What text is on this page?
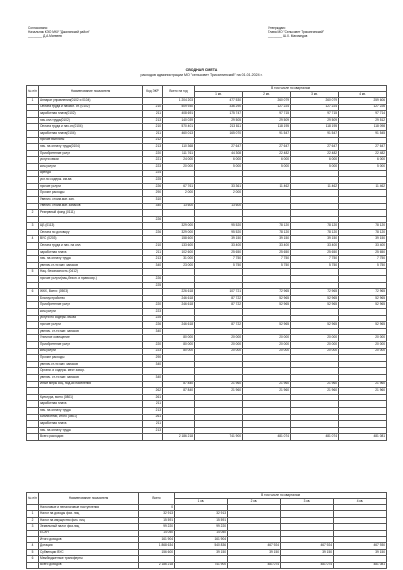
Согласовано:
Начальник КЭО МКУ "Джалинский район"
________ Д.А.Матвеев
Утверждаю:
Глава МО "Сельсовет Трисангинский"
________ Ш.Х. Магомедов
СВОДНАЯ СМЕТА
расходов администрации МО "сельсовет Трисангинский" на 01.01.2024 г.
№ п/п	Наименование показателя	Код ЭКР	Всего на год	В том числе по кварталам			
				1 кв.	2 кв.	3 кв.	4 кв.
1	Аппарат управления(0102 и 0104)		1 204 203	477 530	260 079	260 079	259 606
	Оплата труда и начисл. от. (0102)	210	509 930	336 290	127 224	127 224	127 226
	заработная плата(0102)	211	408 691	175 747	97 715	97 715	97 714
	нач.опл.труда(0102)	213	140 039	29 505	29 509	29 509	29 512
	Оплата труда и нач.от.(0104)	210	570 401	213 811	118 195	118 195	118 098
	заработная плата(0104)	211	460 013	165 070	91 547	91 547	91 545
	прочие выплаты	212					
	нач. на оплату труда(0104)	213	110 368	27 647	27 647	27 647	27 647
	Приобретение услуг	220	111 761	44 308	22 482	22 482	22 482
	услуги связи	221	24 000	6 000	6 000	6 000	6 000
	ком.услуги	223	20 000	5 000	5 000	5 000	5 000
	аренда	224					
	усл.по содерж. им-ва	225					
	прочие услуги	226	67 761	33 361	11 462	11 462	11 462
	Прочие расходы	290	2 000	2 000			
	Увелич. стоим.мат. зап.	310					
	Увелич. стоим.мат. запасов	340	13 600	13 600			
2	Резервный фонд (0111)						
		226					
3	ЦБ (0113)		329 000	95 520	78 120	78 120	78 120
	Оплата по договору	226	329 000	95 520	78 120	78 120	78 120
4	ВУС (0203)		158 600	39 150	39 150	39 150	39 150
	Оплата труда и нач. на опл.	210	133 600	33 400	33 400	33 400	33 400
	заработная плата	211	102 600	25 650	25 650	25 650	25 650
	нач. на оплату труда	213	31 000	7 750	7 750	7 750	7 750
	увелич.ст-ти мат. запасов	340	23 000	5 750	5 750	5 750	5 750
5	Нац. безопасность (0412)						
	прочие услуги(нац.безоп. и правоохр.)	226					
		225					
6	ЖКХ, Всего: (0503)		226 618	107 721	72 965	72 965	72 965
	Благоустройство		246 618	87 722	52 965	52 965	52 965
	Приобретение услуг	220	246 618	87 722	52 965	52 965	52 965
	ком.услуги	223					
	услуги по содерж. им-ва	225					
	прочие услуги	226	246 618	87 722	52 965	52 965	52 965
	увелич. ст-ти мат. запасов	340					
	Уличное освещение		80 000	20 000	20 000	20 000	20 000
	Приобретение услуг	220	80 000	20 000	20 000	20 000	20 000
	ком.услуги	223	80 000	20 000	20 000	20 000	20 000
	Прочие расходы	290					
	увелич.ст-ти мат. запасов	340					
	Органи. и содерж. мест захор.						
	увелич. ст-ти мат. запасов	340					
	Иные меры соц. под-ки населения		87 840	21 960	21 960	21 960	21 960
		262	87 840	21 960	21 960	21 960	21 960
	Культура, всего (0801)	261					
	заработная плата	211					
	нач. на оплату труда	213					
	Библиотеки, итого (0801)	261					
	заработная плата	211					
	нач. на оплату труда	213					
	Всего расходов:		2 186 218	741 900	481 074	481 074	481 081
№ п/п	Наименование показателя	Всего	В том числе по кварталам			
			1 кв.	2 кв.	3 кв.	4 кв.
	Налоговые и неналоговые поступления	0				
1	Налог на доходы физ. лиц	32 913	32 913			
2	Налог на имущество физ. лиц	15 591	15 591			
3	Земельный налог физ.лиц	99 220	99 220			
	ЕСХН	14 050	14 050			
	Итого доходов	161 904	161 904			
4	Дотация	1 868 634	540 836	467 924	467 924	467 930
5	Субвенции ВУС	156 600	39 150	39 150	39 150	39 150
6	Межбюджетные трансферты					
	Всего доходов	2 186 218	741 900	481 074	481 074	481 081
